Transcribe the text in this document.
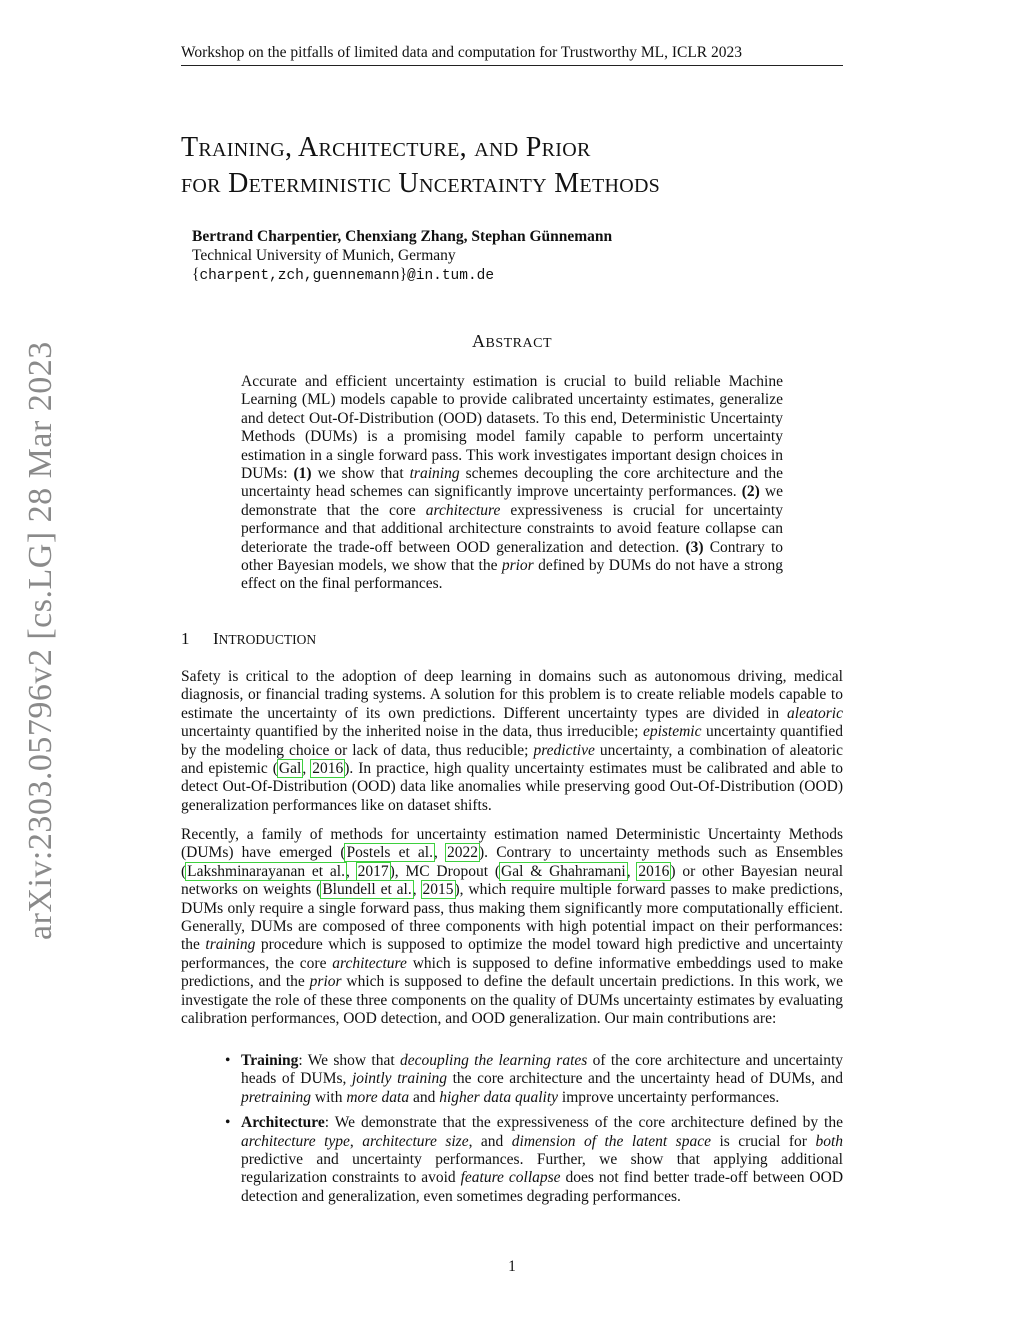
Workshop on the pitfalls of limited data and computation for Trustworthy ML, ICLR 2023
TRAINING, ARCHITECTURE, AND PRIOR
FOR DETERMINISTIC UNCERTAINTY METHODS
Bertrand Charpentier, Chenxiang Zhang, Stephan Günnemann
Technical University of Munich, Germany
{charpent,zch,guennemann}@in.tum.de
ABSTRACT
Accurate and efficient uncertainty estimation is crucial to build reliable Machine Learning (ML) models capable to provide calibrated uncertainty estimates, generalize and detect Out-Of-Distribution (OOD) datasets. To this end, Deterministic Uncertainty Methods (DUMs) is a promising model family capable to perform uncertainty estimation in a single forward pass. This work investigates important design choices in DUMs: (1) we show that training schemes decoupling the core architecture and the uncertainty head schemes can significantly improve uncertainty performances. (2) we demonstrate that the core architecture expressiveness is crucial for uncertainty performance and that additional architecture constraints to avoid feature collapse can deteriorate the trade-off between OOD generalization and detection. (3) Contrary to other Bayesian models, we show that the prior defined by DUMs do not have a strong effect on the final performances.
1 INTRODUCTION
Safety is critical to the adoption of deep learning in domains such as autonomous driving, medical diagnosis, or financial trading systems. A solution for this problem is to create reliable models capable to estimate the uncertainty of its own predictions. Different uncertainty types are divided in aleatoric uncertainty quantified by the inherited noise in the data, thus irreducible; epistemic uncertainty quantified by the modeling choice or lack of data, thus reducible; predictive uncertainty, a combination of aleatoric and epistemic (Gal, 2016). In practice, high quality uncertainty estimates must be calibrated and able to detect Out-Of-Distribution (OOD) data like anomalies while preserving good Out-Of-Distribution (OOD) generalization performances like on dataset shifts.
Recently, a family of methods for uncertainty estimation named Deterministic Uncertainty Methods (DUMs) have emerged (Postels et al., 2022). Contrary to uncertainty methods such as Ensembles (Lakshminarayanan et al., 2017), MC Dropout (Gal & Ghahramani, 2016) or other Bayesian neural networks on weights (Blundell et al., 2015), which require multiple forward passes to make predictions, DUMs only require a single forward pass, thus making them significantly more computationally efficient. Generally, DUMs are composed of three components with high potential impact on their performances: the training procedure which is supposed to optimize the model toward high predictive and uncertainty performances, the core architecture which is supposed to define informative embeddings used to make predictions, and the prior which is supposed to define the default uncertain predictions. In this work, we investigate the role of these three components on the quality of DUMs uncertainty estimates by evaluating calibration performances, OOD detection, and OOD generalization. Our main contributions are:
• Training: We show that decoupling the learning rates of the core architecture and uncertainty heads of DUMs, jointly training the core architecture and the uncertainty head of DUMs, and pretraining with more data and higher data quality improve uncertainty performances.
• Architecture: We demonstrate that the expressiveness of the core architecture defined by the architecture type, architecture size, and dimension of the latent space is crucial for both predictive and uncertainty performances. Further, we show that applying additional regularization constraints to avoid feature collapse does not find better trade-off between OOD detection and generalization, even sometimes degrading performances.
1
arXiv:2303.05796v2 [cs.LG] 28 Mar 2023
